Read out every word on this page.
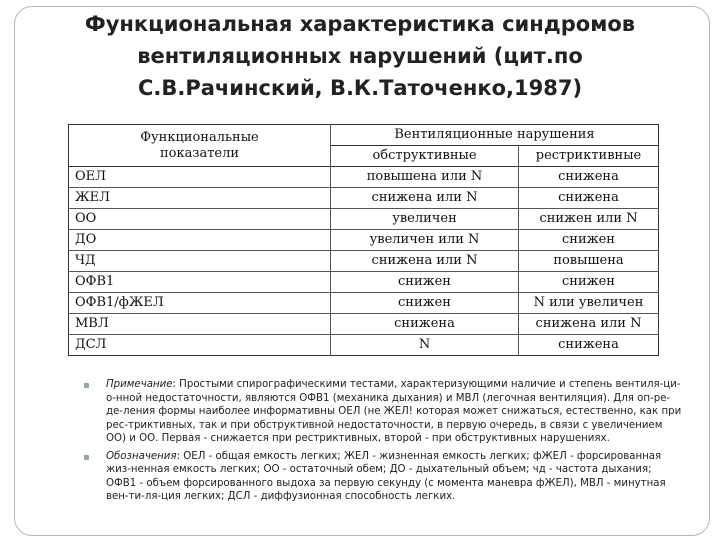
Функциональная характеристика синдромов
вентиляционных нарушений (цит.по
С.В.Рачинский, В.К.Таточенко,1987)
Функциональные
показатели	Вентиляционные нарушения	
	обструктивные	рестриктивные
ОЕЛ	повышена или N	снижена
ЖЕЛ	снижена или N	снижена
ОО	увеличен	снижен или N
ДО	увеличен или N	снижен
ЧД	снижена или N	повышена
ОФВ1	снижен	снижен
ОФВ1/фЖЕЛ	снижен	N или увеличен
МВЛ	снижена	снижена или N
ДСЛ	N	снижена
Примечание: Простыми спирографическими тестами, характеризующими наличие и степень вентиля-ци-о-нной недостаточности, являются ОФВ1 (механика дыхания) и МВЛ (легочная вентиляция). Для оп-ре-де-ления формы наиболее информативны ОЕЛ (не ЖЕЛ! которая может снижаться, естественно, как при рес-триктивных, так и при обструктивной недостаточности, в первую очередь, в связи с увеличением ОО) и ОО. Первая - снижается при рестриктивных, второй - при обструктивных нарушениях.
Обозначения: ОЕЛ - общая емкость легких; ЖЕЛ - жизненная емкость легких; фЖЕЛ - форсированная жиз-ненная емкость легких; ОО - остаточный обем; ДО - дыхательный объем; чд - частота дыхания; ОФВ1 - объем форсированного выдоха за первую секунду (с момента маневра фЖЕЛ), МВЛ - минутная вен-ти-ля-ция легких; ДСЛ - диффузионная способность легких.
